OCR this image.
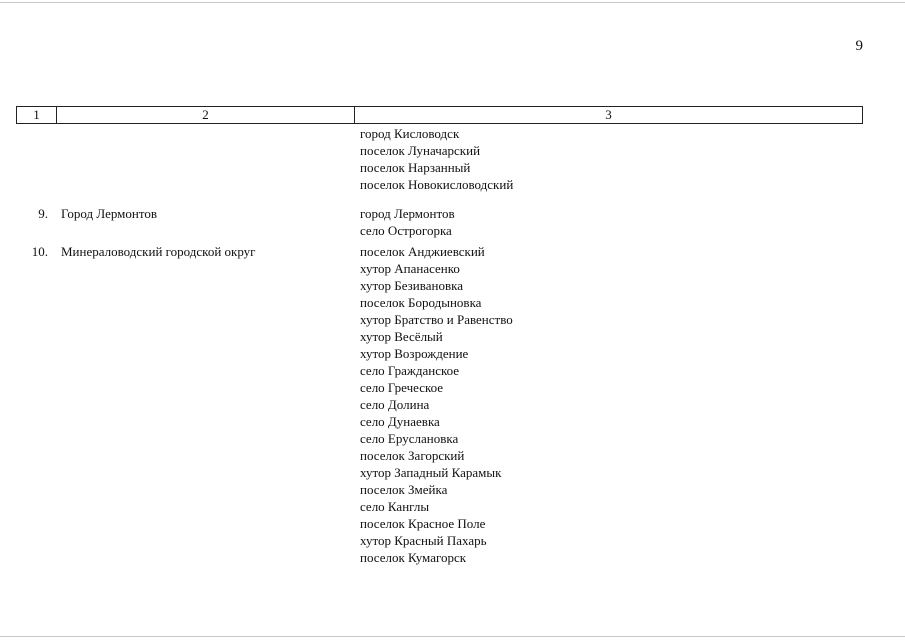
9
1	2	3
город Кисловодск
поселок Луначарский
поселок Нарзанный
поселок Новокисловодский
9. Город Лермонтов	город Лермонтов
село Острогорка
10. Минераловодский городской округ	поселок Анджиевский
хутор Апанасенко
хутор Безивановка
поселок Бородыновка
хутор Братство и Равенство
хутор Весёлый
хутор Возрождение
село Гражданское
село Греческое
село Долина
село Дунаевка
село Еруслановка
поселок Загорский
хутор Западный Карамык
поселок Змейка
село Канглы
поселок Красное Поле
хутор Красный Пахарь
поселок Кумагорск
